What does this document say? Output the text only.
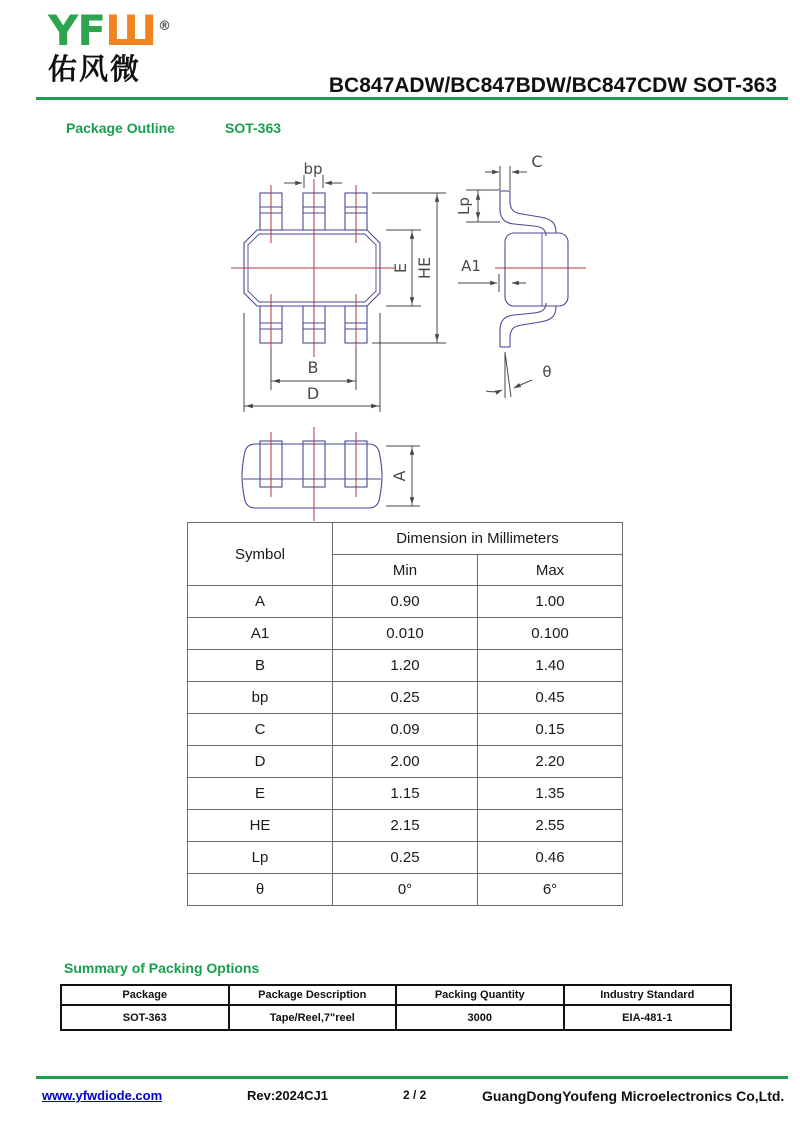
YFШ ®
佑风微	BC847ADW/BC847BDW/BC847CDW SOT-363
Package Outline	SOT-363
bp
E HE
B
D
C
Lp
A1
θ
A
Symbol	Dimension in Millimeters	
	Min	Max
A	0.90	1.00
A1	0.010	0.100
B	1.20	1.40
bp	0.25	0.45
C	0.09	0.15
D	2.00	2.20
E	1.15	1.35
HE	2.15	2.55
Lp	0.25	0.46
θ	0°	6°
Summary of Packing Options
Package	Package Description	Packing Quantity	Industry Standard
SOT-363	Tape/Reel,7"reel	3000	EIA-481-1
www.yfwdiode.com	Rev:2024CJ1	2 / 2	GuangDongYoufeng Microelectronics Co,Ltd.
